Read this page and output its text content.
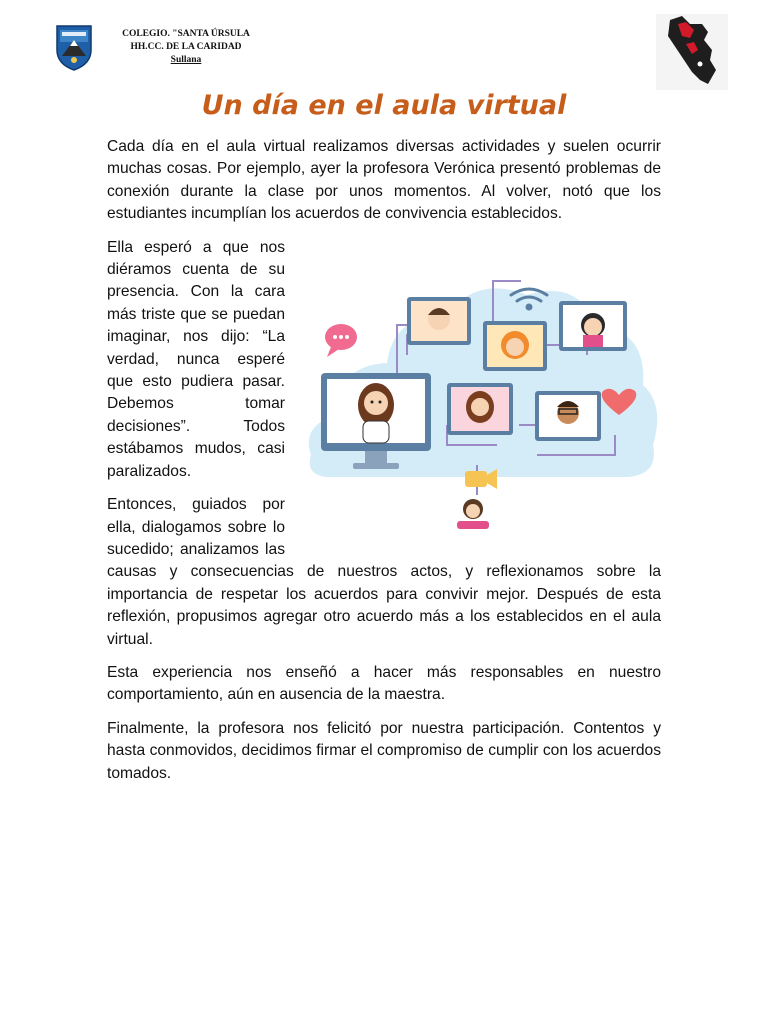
COLEGIO. "SANTA ÚRSULA
HH.CC. DE LA CARIDAD
Sullana
Un día en el aula virtual

Cada día en el aula virtual realizamos diversas actividades y suelen ocurrir muchas cosas. Por ejemplo, ayer la profesora Verónica presentó problemas de conexión durante la clase por unos momentos. Al volver, notó que los estudiantes incumplían los acuerdos de convivencia establecidos.

Ella esperó a que nos diéramos cuenta de su presencia. Con la cara más triste que se puedan imaginar, nos dijo: “La verdad, nunca esperé que esto pudiera pasar. Debemos tomar decisiones”. Todos estábamos mudos, casi paralizados.

Entonces, guiados por ella, dialogamos sobre lo sucedido; analizamos las causas y consecuencias de nuestros actos, y reflexionamos sobre la importancia de respetar los acuerdos para convivir mejor. Después de esta reflexión, propusimos agregar otro acuerdo más a los establecidos en el aula virtual.

Esta experiencia nos enseñó a hacer más responsables en nuestro comportamiento, aún en ausencia de la maestra.

Finalmente, la profesora nos felicitó por nuestra participación. Contentos y hasta conmovidos, decidimos firmar el compromiso de cumplir con los acuerdos tomados.
